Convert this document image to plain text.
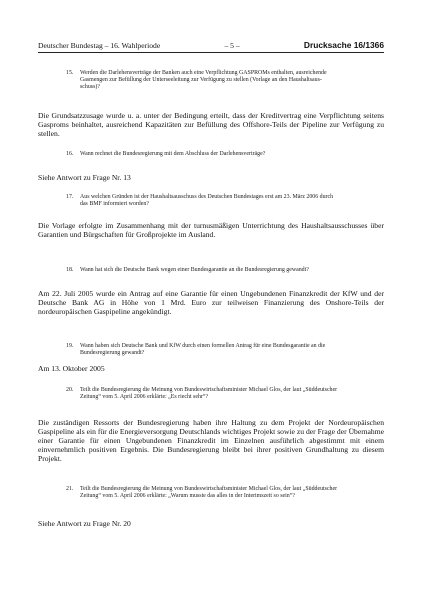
Deutscher Bundestag – 16. Wahlperiode	– 5 –	Drucksache 16/1366
15. Werden die Darlehensverträge der Banken auch eine Verpflichtung GASPROMs enthalten, ausreichende Gasmengen zur Befüllung der Unterseeleitung zur Verfügung zu stellen (Vorlage an den Haushaltsausschuss)?
Die Grundsatzzusage wurde u. a. unter der Bedingung erteilt, dass der Kreditvertrag eine Verpflichtung seitens Gasproms beinhaltet, ausreichend Kapazitäten zur Befüllung des Offshore-Teils der Pipeline zur Verfügung zu stellen.
16. Wann rechnet die Bundesregierung mit dem Abschluss der Darlehensverträge?
Siehe Antwort zu Frage Nr. 13
17. Aus welchen Gründen ist der Haushaltsausschuss des Deutschen Bundestages erst am 23. März 2006 durch das BMF informiert worden?
Die Vorlage erfolgte im Zusammenhang mit der turnusmäßigen Unterrichtung des Haushaltsausschusses über Garantien und Bürgschaften für Großprojekte im Ausland.
18. Wann hat sich die Deutsche Bank wegen einer Bundesgarantie an die Bundesregierung gewandt?
Am 22. Juli 2005 wurde ein Antrag auf eine Garantie für einen Ungebundenen Finanzkredit der KfW und der Deutsche Bank AG in Höhe von 1 Mrd. Euro zur teilweisen Finanzierung des Onshore-Teils der nordeuropäischen Gaspipeline angekündigt.
19. Wann haben sich Deutsche Bank und KfW durch einen formellen Antrag für eine Bundesgarantie an die Bundesregierung gewandt?
Am 13. Oktober 2005
20. Teilt die Bundesregierung die Meinung von Bundeswirtschaftsminister Michael Glos, der laut „Süddeutscher Zeitung“ vom 5. April 2006 erklärte: „Es riecht sehr“?
Die zuständigen Ressorts der Bundesregierung haben ihre Haltung zu dem Projekt der Nordeuropäischen Gaspipeline als ein für die Energieversorgung Deutschlands wichtiges Projekt sowie zu der Frage der Übernahme einer Garantie für einen Ungebundenen Finanzkredit im Einzelnen ausführlich abgestimmt mit einem einvernehmlich positiven Ergebnis. Die Bundesregierung bleibt bei ihrer positiven Grundhaltung zu diesem Projekt.
21. Teilt die Bundesregierung die Meinung von Bundeswirtschaftsminister Michael Glos, der laut „Süddeutscher Zeitung“ vom 5. April 2006 erklärte: „Warum musste das alles in der Interimszeit so sein“?
Siehe Antwort zu Frage Nr. 20
